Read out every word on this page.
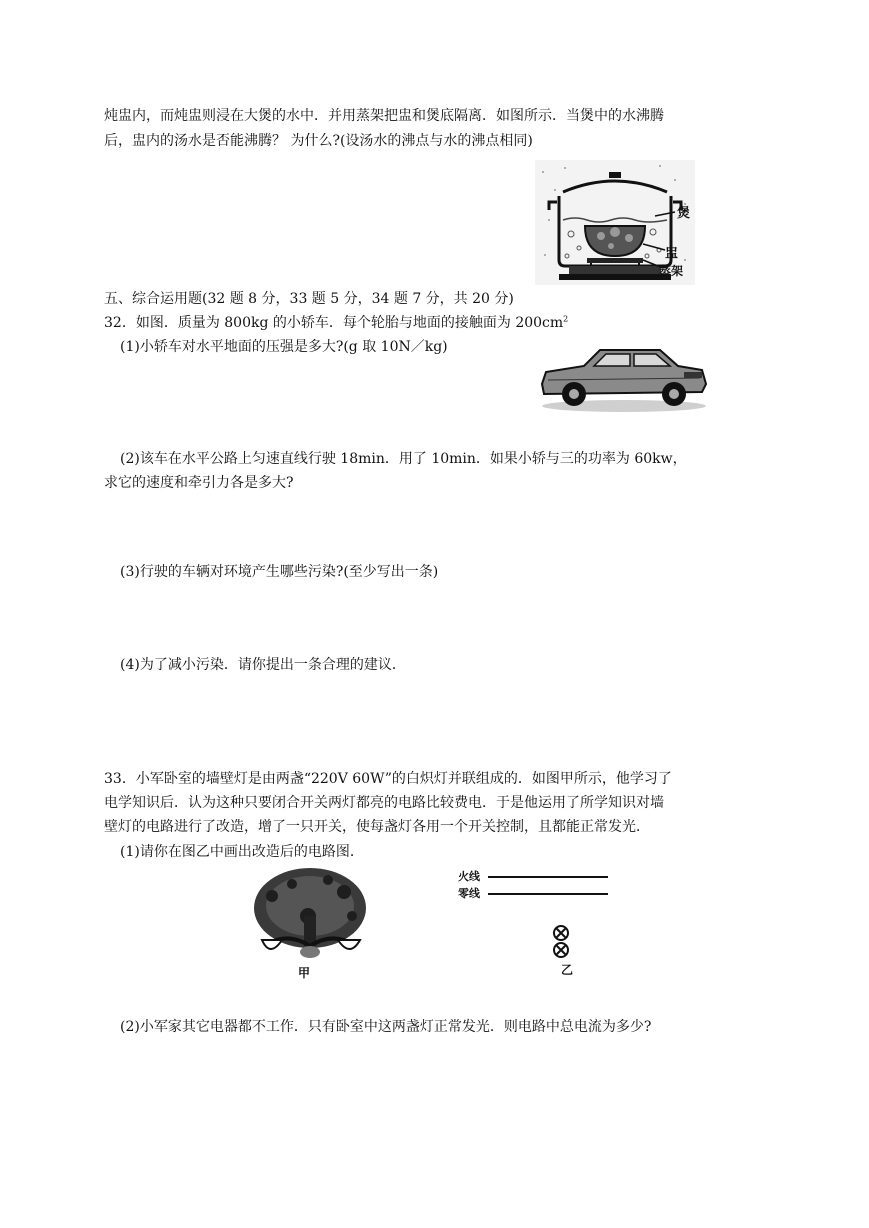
炖盅内，而炖盅则浸在大煲的水中．并用蒸架把盅和煲底隔离．如图所示．当煲中的水沸腾
后，盅内的汤水是否能沸腾？ 为什么?(设汤水的沸点与水的沸点相同)
煲
盅
蒸架
五、综合运用题(32 题 8 分，33 题 5 分，34 题 7 分，共 20 分)
32．如图．质量为 800kg 的小轿车．每个轮胎与地面的接触面为 $200cm^2$
(1)小轿车对水平地面的压强是多大?(g 取 10N／kg)
(2)该车在水平公路上匀速直线行驶 18min．用了 10min．如果小轿与三的功率为 60kw，
求它的速度和牵引力各是多大?
(3)行驶的车辆对环境产生哪些污染?(至少写出一条)
(4)为了减小污染．请你提出一条合理的建议．
33．小军卧室的墙壁灯是由两盏“220V 60W”的白炽灯并联组成的．如图甲所示，他学习了
电学知识后．认为这种只要闭合开关两灯都亮的电路比较费电．于是他运用了所学知识对墙
壁灯的电路进行了改造，增了一只开关，使每盏灯各用一个开关控制，且都能正常发光．
(1)请你在图乙中画出改造后的电路图．
甲
火线
零线
乙
(2)小军家其它电器都不工作．只有卧室中这两盏灯正常发光．则电路中总电流为多少?
